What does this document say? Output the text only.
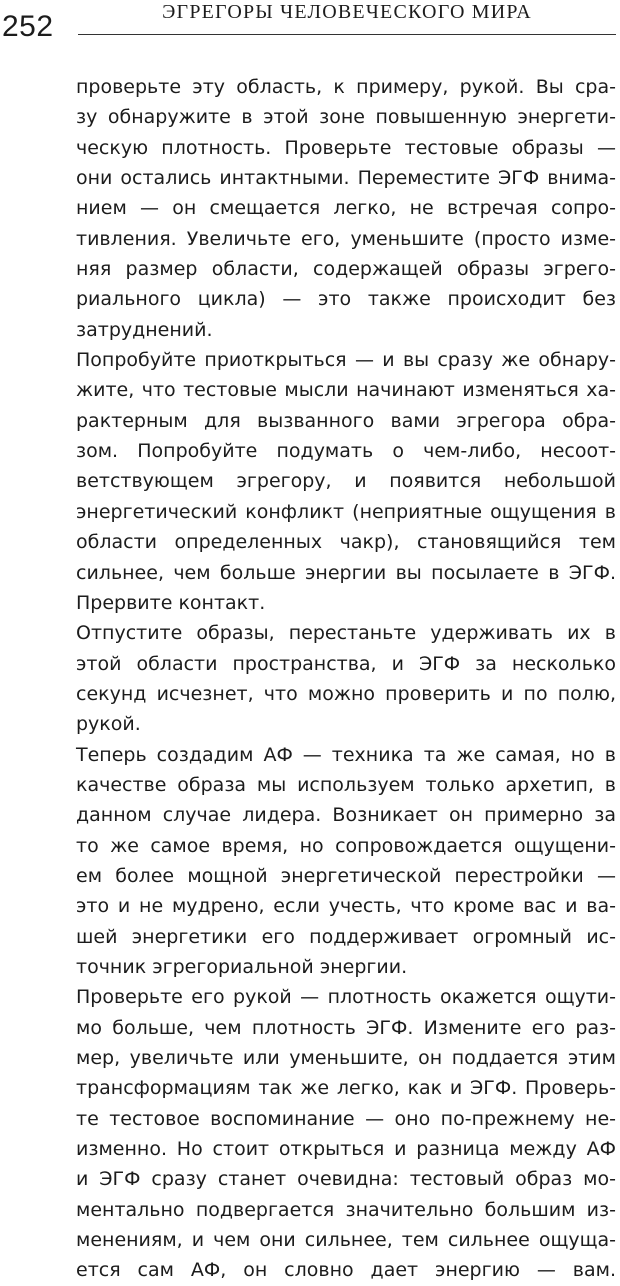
252	ЭГРЕГОРЫ ЧЕЛОВЕЧЕСКОГО МИРА
проверьте эту область, к примеру, рукой. Вы сра-
зу обнаружите в этой зоне повышенную энергети-
ческую плотность. Проверьте тестовые образы —
они остались интактными. Переместите ЭГФ внима-
нием — он смещается легко, не встречая сопро-
тивления. Увеличьте его, уменьшите (просто изме-
няя размер области, содержащей образы эгрего-
риального цикла) — это также происходит без
затруднений.
Попробуйте приоткрыться — и вы сразу же обнару-
жите, что тестовые мысли начинают изменяться ха-
рактерным для вызванного вами эгрегора обра-
зом. Попробуйте подумать о чем-либо, несоот-
ветствующем эгрегору, и появится небольшой
энергетический конфликт (неприятные ощущения в
области определенных чакр), становящийся тем
сильнее, чем больше энергии вы посылаете в ЭГФ.
Прервите контакт.
Отпустите образы, перестаньте удерживать их в
этой области пространства, и ЭГФ за несколько
секунд исчезнет, что можно проверить и по полю,
рукой.
Теперь создадим АФ — техника та же самая, но в
качестве образа мы используем только архетип, в
данном случае лидера. Возникает он примерно за
то же самое время, но сопровождается ощущени-
ем более мощной энергетической перестройки —
это и не мудрено, если учесть, что кроме вас и ва-
шей энергетики его поддерживает огромный ис-
точник эгрегориальной энергии.
Проверьте его рукой — плотность окажется ощути-
мо больше, чем плотность ЭГФ. Измените его раз-
мер, увеличьте или уменьшите, он поддается этим
трансформациям так же легко, как и ЭГФ. Проверь-
те тестовое воспоминание — оно по-прежнему не-
изменно. Но стоит открыться и разница между АФ
и ЭГФ сразу станет очевидна: тестовый образ мо-
ментально подвергается значительно большим из-
менениям, и чем они сильнее, тем сильнее ощуща-
ется сам АФ, он словно дает энергию — вам.
